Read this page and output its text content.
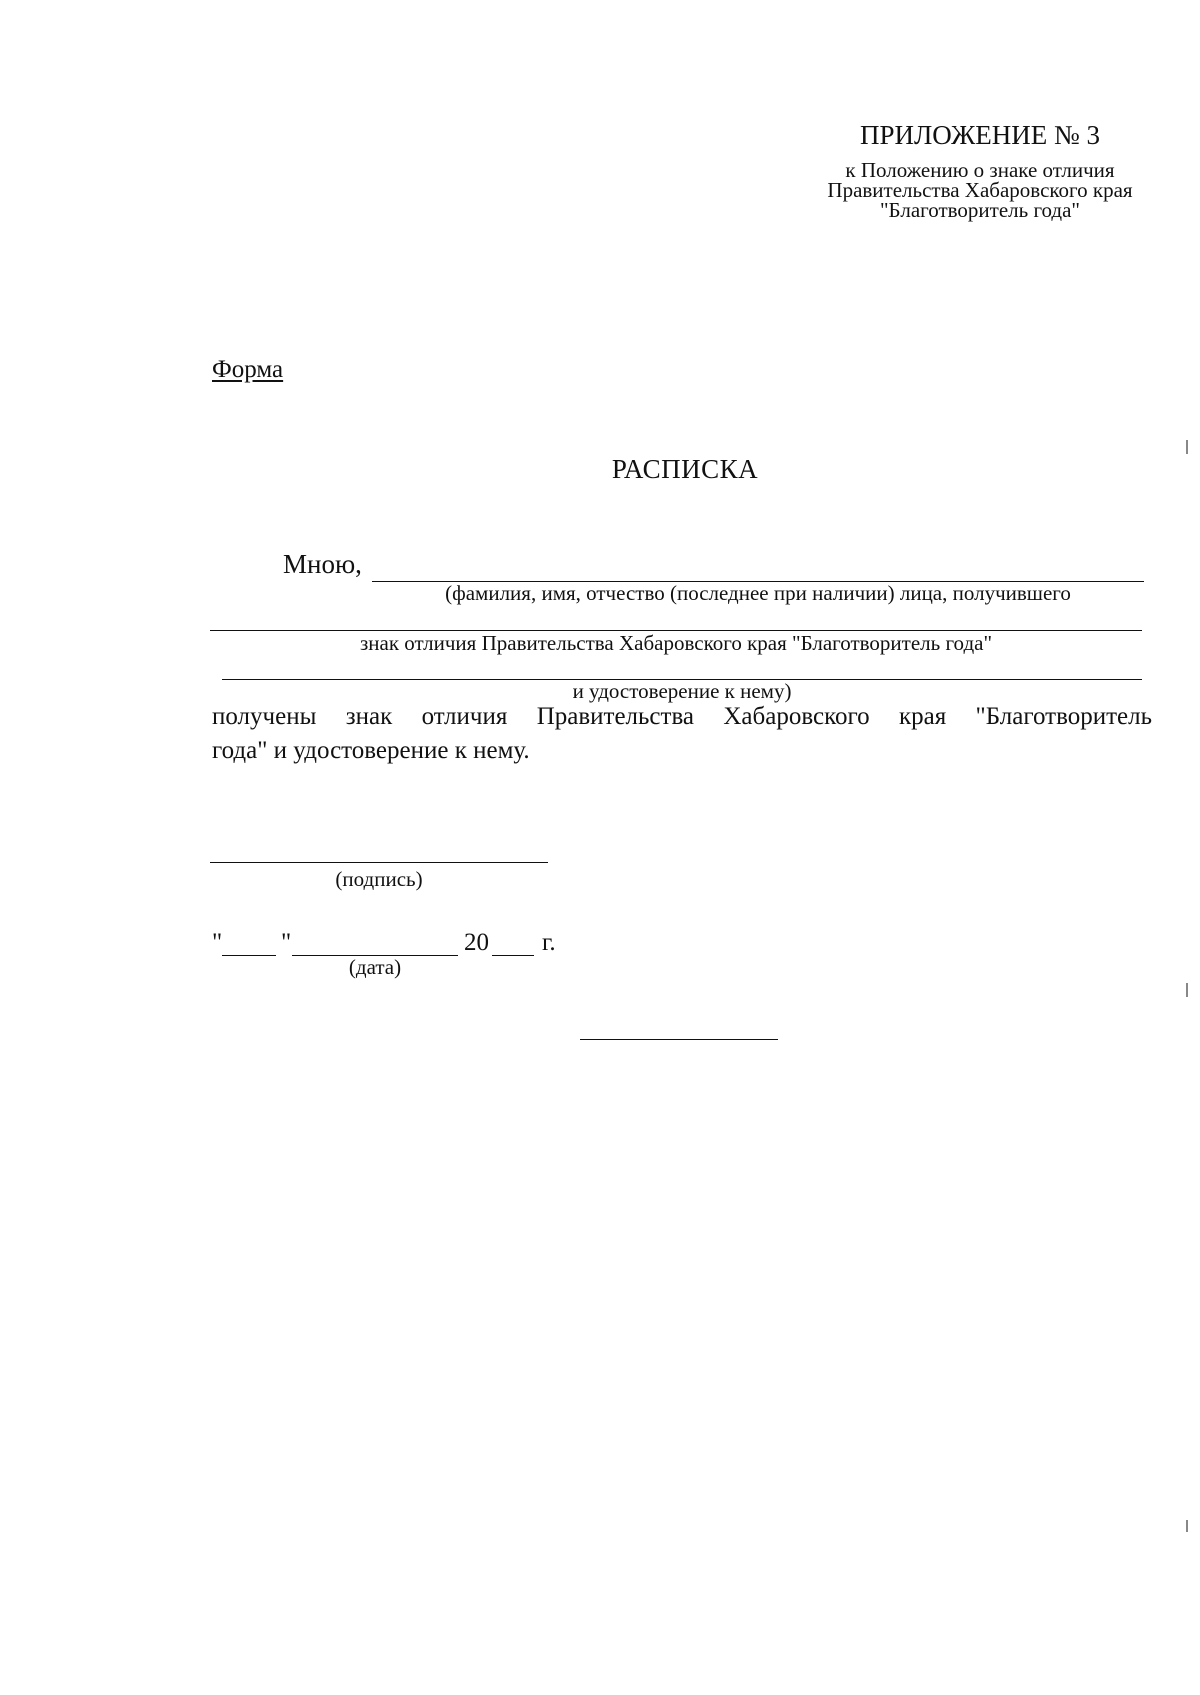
ПРИЛОЖЕНИЕ № 3
к Положению о знаке отличия
Правительства Хабаровского края
"Благотворитель года"
Форма
РАСПИСКА
Мною,
(фамилия, имя, отчество (последнее при наличии) лица, получившего
знак отличия Правительства Хабаровского края "Благотворитель года"
и удостоверение к нему)
получены знак отличия Правительства Хабаровского края "Благотворитель
года" и удостоверение к нему.
(подпись)
" "
(дата)
20 г.
